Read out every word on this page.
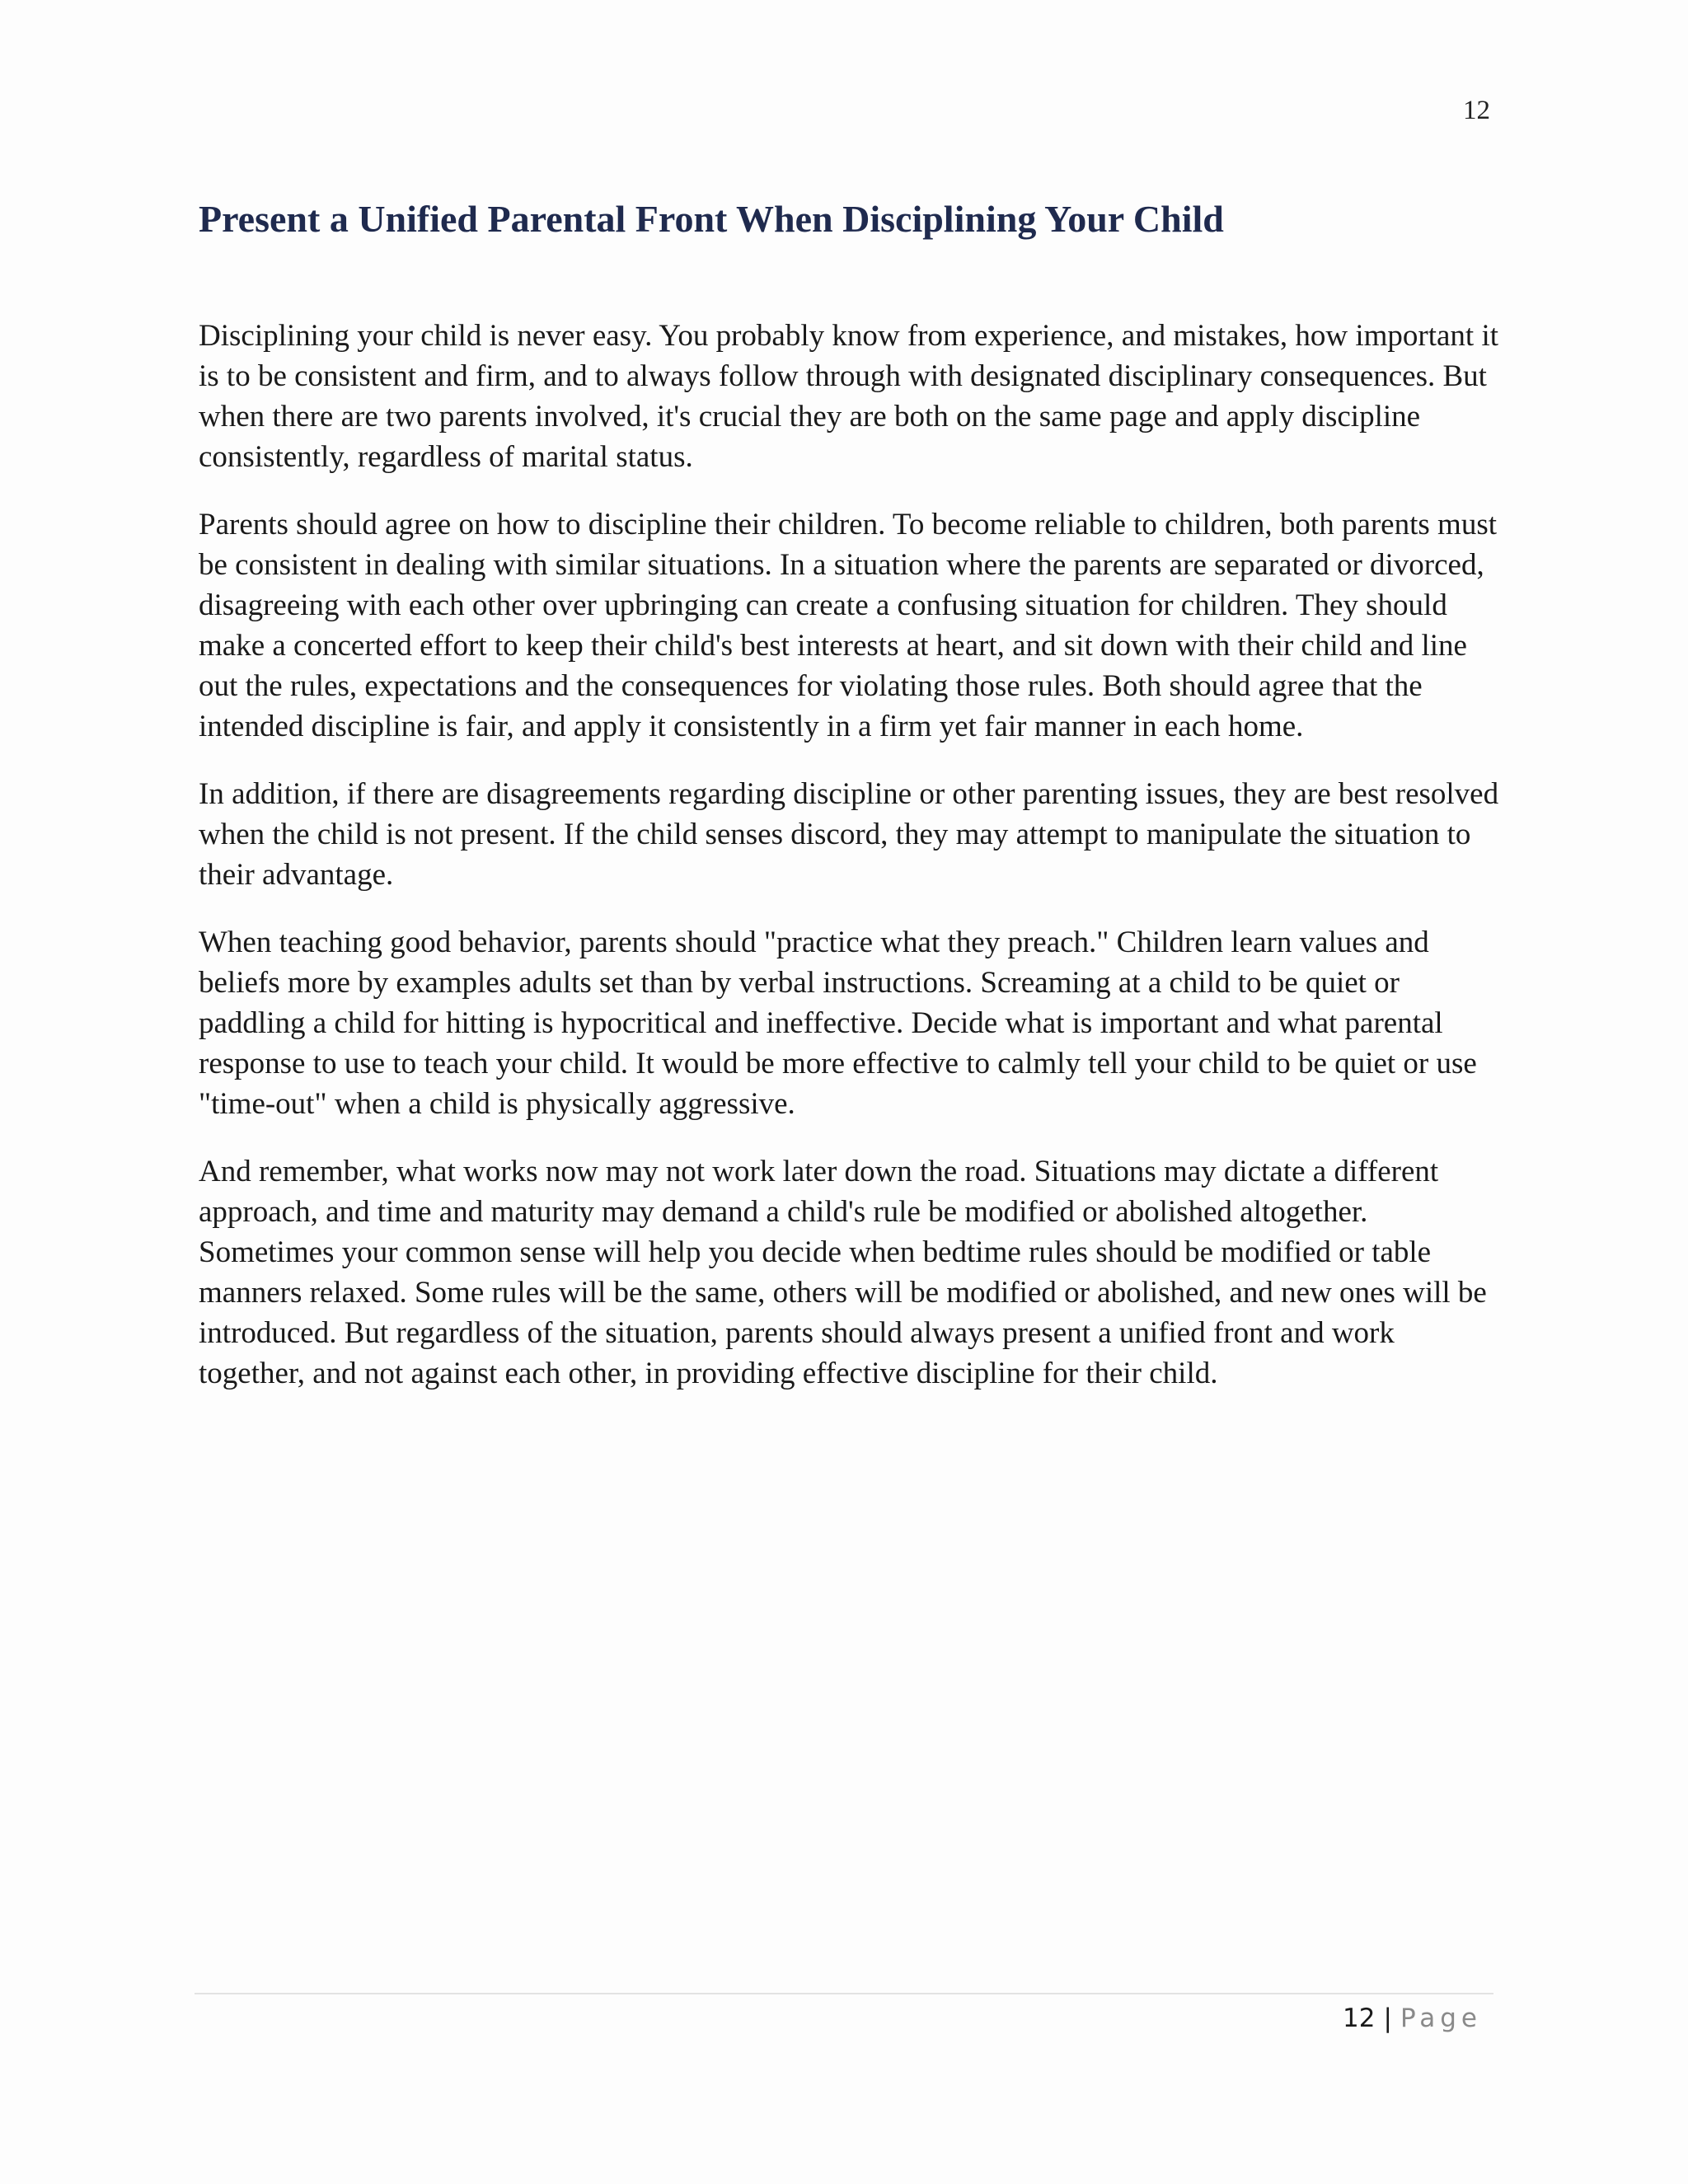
12
Present a Unified Parental Front When Disciplining Your Child

Disciplining your child is never easy. You probably know from experience, and mistakes, how important it is to be consistent and firm, and to always follow through with designated disciplinary consequences. But when there are two parents involved, it's crucial they are both on the same page and apply discipline consistently, regardless of marital status.

Parents should agree on how to discipline their children. To become reliable to children, both parents must be consistent in dealing with similar situations. In a situation where the parents are separated or divorced, disagreeing with each other over upbringing can create a confusing situation for children. They should make a concerted effort to keep their child's best interests at heart, and sit down with their child and line out the rules, expectations and the consequences for violating those rules. Both should agree that the intended discipline is fair, and apply it consistently in a firm yet fair manner in each home.

In addition, if there are disagreements regarding discipline or other parenting issues, they are best resolved when the child is not present. If the child senses discord, they may attempt to manipulate the situation to their advantage.

When teaching good behavior, parents should "practice what they preach." Children learn values and beliefs more by examples adults set than by verbal instructions. Screaming at a child to be quiet or paddling a child for hitting is hypocritical and ineffective. Decide what is important and what parental response to use to teach your child. It would be more effective to calmly tell your child to be quiet or use "time-out" when a child is physically aggressive.

And remember, what works now may not work later down the road. Situations may dictate a different approach, and time and maturity may demand a child's rule be modified or abolished altogether. Sometimes your common sense will help you decide when bedtime rules should be modified or table manners relaxed. Some rules will be the same, others will be modified or abolished, and new ones will be introduced. But regardless of the situation, parents should always present a unified front and work together, and not against each other, in providing effective discipline for their child.

12 | Page
